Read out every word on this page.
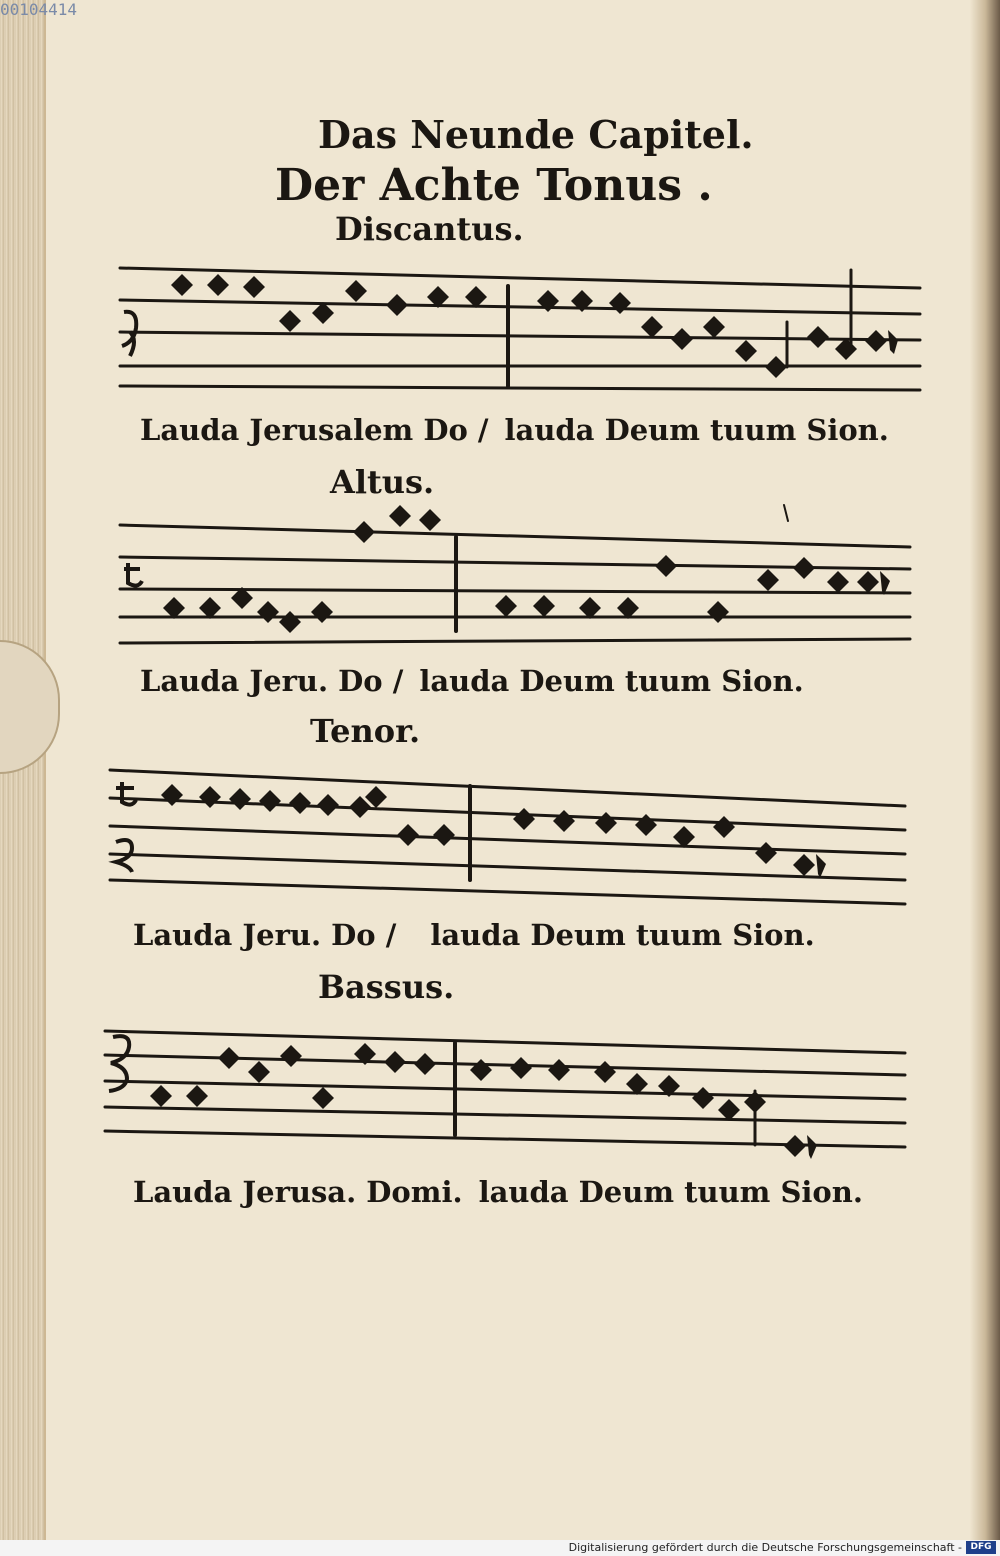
00104414
Das Neunde Capitel.
Der Achte Tonus .
Discantus.
Lauda Jerusalem Do / lauda Deum tuum Sion.
Altus.
Lauda Jeru. Do / lauda Deum tuum Sion.
Tenor.
Lauda Jeru. Do / lauda Deum tuum Sion.
Bassus.
Lauda Jerusa. Domi. lauda Deum tuum Sion.
Digitalisierung gefördert durch die Deutsche Forschungsgemeinschaft - DFG
